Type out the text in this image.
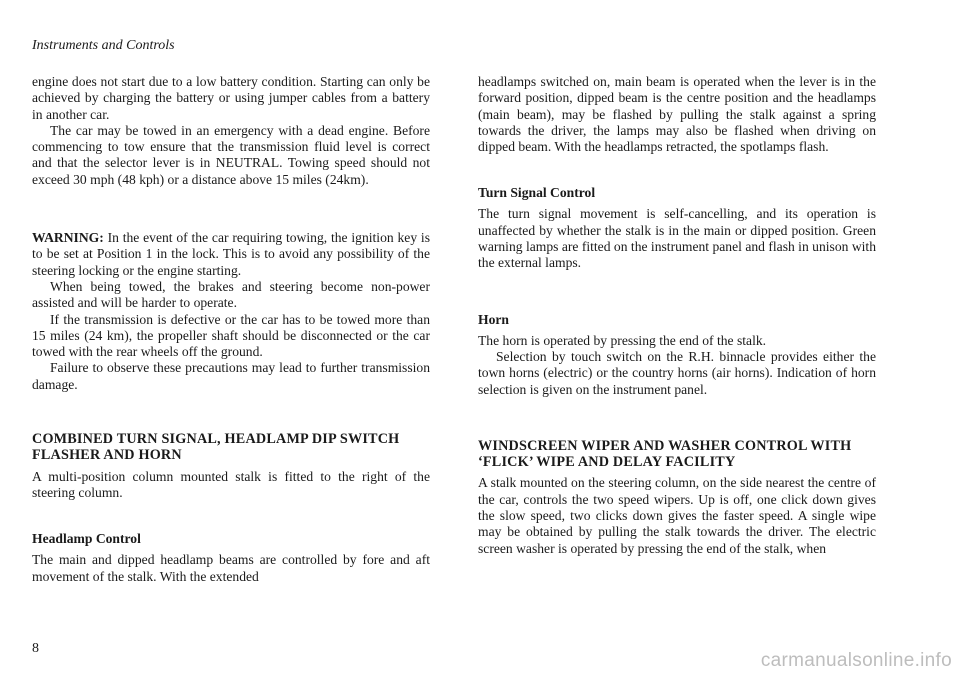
Instruments and Controls

engine does not start due to a low battery condition. Starting can only be achieved by charging the battery or using jumper cables from a battery in another car.

The car may be towed in an emergency with a dead engine. Before commencing to tow ensure that the transmission fluid level is correct and that the selector lever is in NEUTRAL. Towing speed should not exceed 30 mph (48 kph) or a distance above 15 miles (24km).

WARNING: In the event of the car requiring towing, the ignition key is to be set at Position 1 in the lock. This is to avoid any possibility of the steering locking or the engine starting.

When being towed, the brakes and steering become non-power assisted and will be harder to operate.

If the transmission is defective or the car has to be towed more than 15 miles (24 km), the propeller shaft should be disconnected or the car towed with the rear wheels off the ground.

Failure to observe these precautions may lead to further transmission damage.

COMBINED TURN SIGNAL, HEADLAMP DIP SWITCH
FLASHER AND HORN

A multi-position column mounted stalk is fitted to the right of the steering column.

Headlamp Control

The main and dipped headlamp beams are controlled by fore and aft movement of the stalk. With the extended

headlamps switched on, main beam is operated when the lever is in the forward position, dipped beam is the centre position and the headlamps (main beam), may be flashed by pulling the stalk against a spring towards the driver, the lamps may also be flashed when driving on dipped beam. With the headlamps retracted, the spotlamps flash.

Turn Signal Control

The turn signal movement is self-cancelling, and its operation is unaffected by whether the stalk is in the main or dipped position. Green warning lamps are fitted on the instrument panel and flash in unison with the external lamps.

Horn

The horn is operated by pressing the end of the stalk.

Selection by touch switch on the R.H. binnacle provides either the town horns (electric) or the country horns (air horns). Indication of horn selection is given on the instrument panel.

WINDSCREEN WIPER AND WASHER CONTROL WITH
‘FLICK’ WIPE AND DELAY FACILITY

A stalk mounted on the steering column, on the side nearest the centre of the car, controls the two speed wipers. Up is off, one click down gives the slow speed, two clicks down gives the faster speed. A single wipe may be obtained by pulling the stalk towards the driver. The electric screen washer is operated by pressing the end of the stalk, when

8
carmanualsonline.info
